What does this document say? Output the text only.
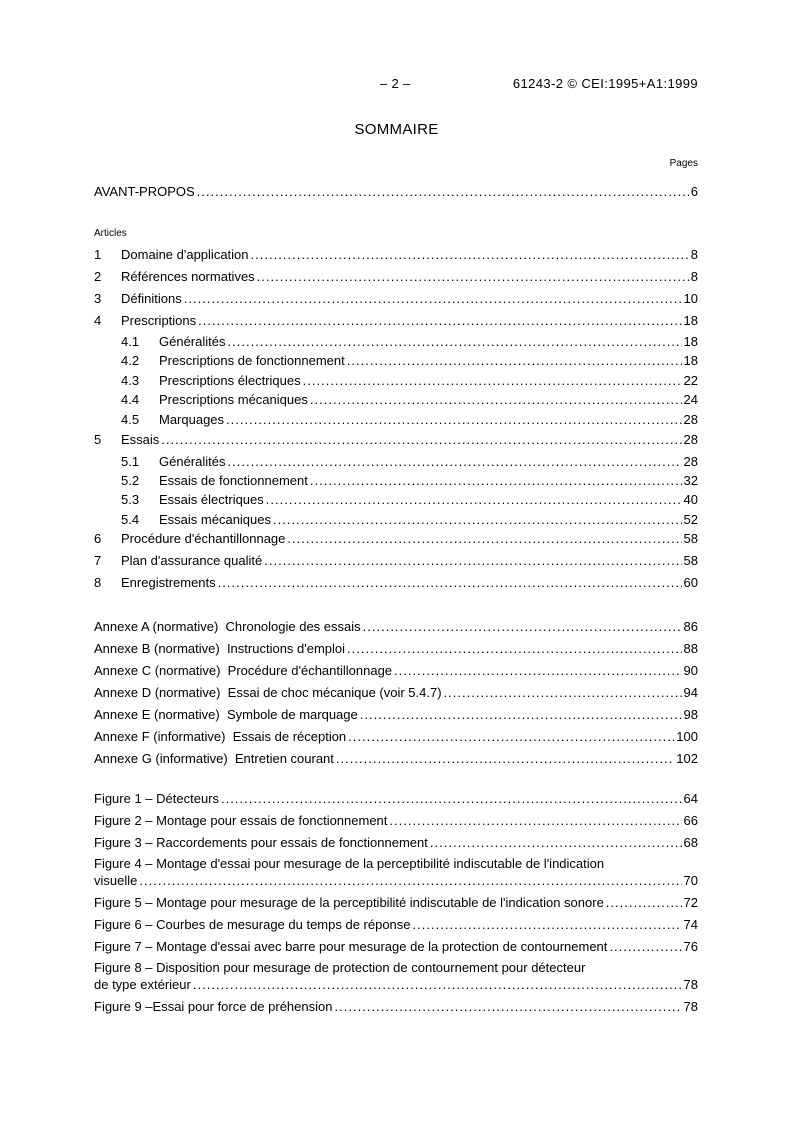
– 2 –	61243-2 © CEI:1995+A1:1999
SOMMAIRE
Pages
AVANT-PROPOS . . .	6
Articles
1	Domaine d'application . . .	8
2	Références normatives . . .	8
3	Définitions . . .	10
4	Prescriptions . . .	18
4.1	Généralités . . .	18
4.2	Prescriptions de fonctionnement . . .	18
4.3	Prescriptions électriques . . .	22
4.4	Prescriptions mécaniques . . .	24
4.5	Marquages . . .	28
5	Essais . . .	28
5.1	Généralités . . .	28
5.2	Essais de fonctionnement . . .	32
5.3	Essais électriques . . .	40
5.4	Essais mécaniques . . .	52
6	Procédure d'échantillonnage . . .	58
7	Plan d'assurance qualité . . .	58
8	Enregistrements . . .	60
Annexe A (normative)  Chronologie des essais . . .	86
Annexe B (normative)  Instructions d'emploi . . .	88
Annexe C (normative)  Procédure d'échantillonnage . . .	90
Annexe D (normative)  Essai de choc mécanique (voir 5.4.7) . . .	94
Annexe E (normative)  Symbole de marquage . . .	98
Annexe F (informative)  Essais de réception . . .	100
Annexe G (informative)  Entretien courant . . .	102
Figure 1 – Détecteurs . . .	64
Figure 2 – Montage pour essais de fonctionnement . . .	66
Figure 3 – Raccordements pour essais de fonctionnement . . .	68
Figure 4 – Montage d'essai pour mesurage de la perceptibilité indiscutable de l'indication
visuelle . . .	70
Figure 5 – Montage pour mesurage de la perceptibilité indiscutable de l'indication sonore . . .	72
Figure 6 – Courbes de mesurage du temps de réponse . . .	74
Figure 7 – Montage d'essai avec barre pour mesurage de la protection de contournement . . .	76
Figure 8 – Disposition pour mesurage de protection de contournement pour détecteur
de type extérieur . . .	78
Figure 9 –Essai pour force de préhension . . .	78
